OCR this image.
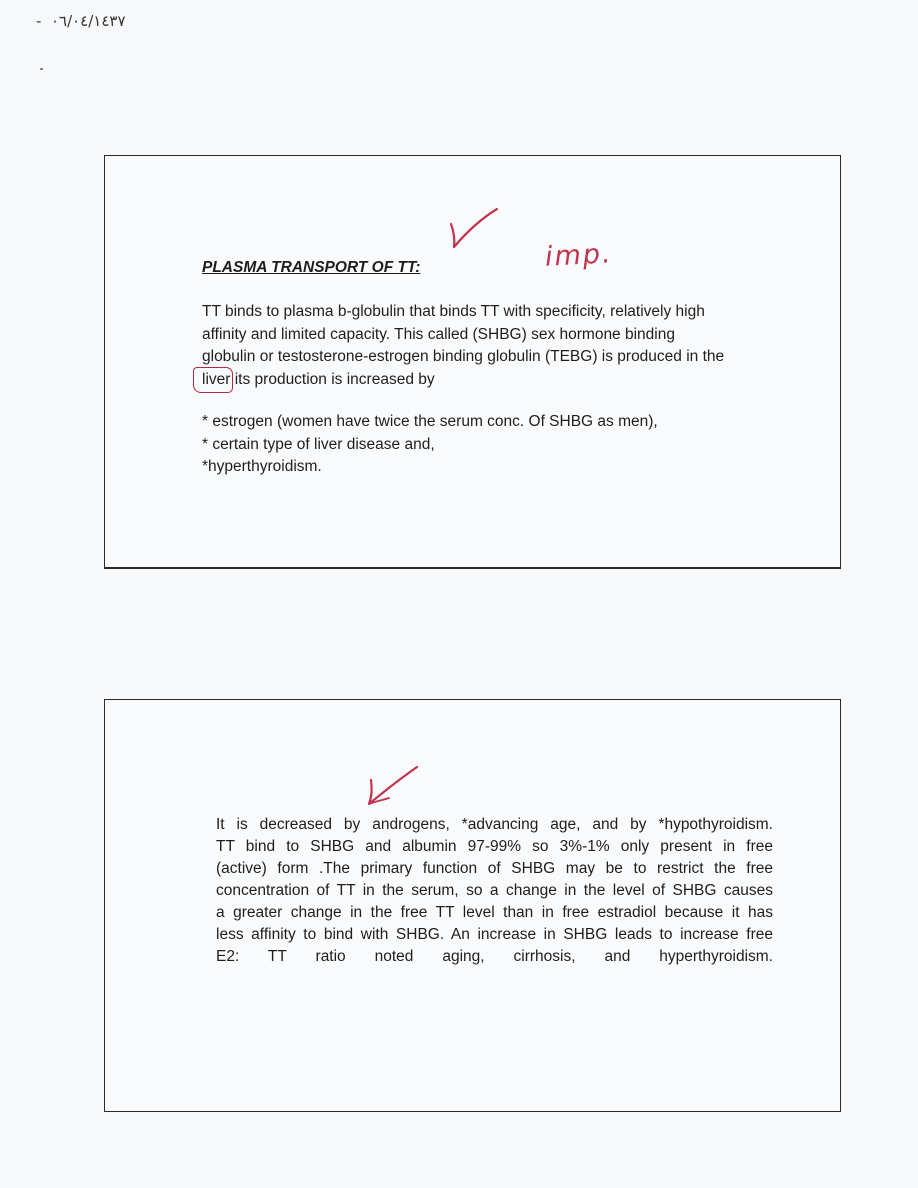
-  ٠٦/٠٤/١٤٣٧
imp.
PLASMA TRANSPORT OF TT:
TT binds to plasma b-globulin that binds TT with specificity, relatively high
affinity and limited capacity. This called (SHBG) sex hormone binding
globulin or testosterone-estrogen binding globulin (TEBG) is produced in the
liver its production is increased by
* estrogen (women have twice the serum conc. Of SHBG as men),
* certain type of liver disease and,
*hyperthyroidism.
It is decreased by androgens, *advancing age, and by *hypothyroidism.
TT bind to SHBG and albumin 97-99% so 3%-1% only present in free
(active) form .The primary function of SHBG may be to restrict the free
concentration of TT in the serum, so a change in the level of SHBG causes
a greater change in the free TT level than in free estradiol because it has
less affinity to bind with SHBG. An increase in SHBG leads to increase free
E2: TT ratio noted aging, cirrhosis, and hyperthyroidism.
